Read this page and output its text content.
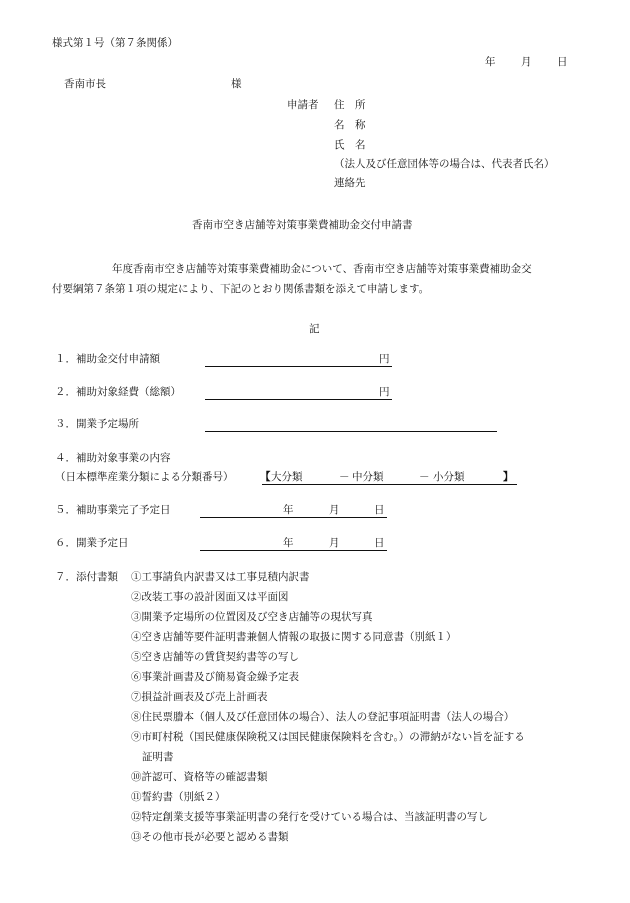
様式第１号（第７条関係）
年 月 日
香南市長	様
申請者 住　所
名　称
氏　名
（法人及び任意団体等の場合は、代表者氏名）
連絡先
香南市空き店舗等対策事業費補助金交付申請書
年度香南市空き店舗等対策事業費補助金について、香南市空き店舗等対策事業費補助金交
付要綱第７条第１項の規定により、下記のとおり関係書類を添えて申請します。
記
１．補助金交付申請額	円
２．補助対象経費（総額）	円
３．開業予定場所
４．補助対象事業の内容
（日本標準産業分類による分類番号）	【 大分類	－ 中分類	－ 小分類	】
５．補助事業完了予定日	年	月	日
６．開業予定日	年	月	日
７．添付書類 ①工事請負内訳書又は工事見積内訳書
②改装工事の設計図面又は平面図
③開業予定場所の位置図及び空き店舗等の現状写真
④空き店舗等要件証明書兼個人情報の取扱に関する同意書（別紙１）
⑤空き店舗等の賃貸契約書等の写し
⑥事業計画書及び簡易資金繰予定表
⑦損益計画表及び売上計画表
⑧住民票謄本（個人及び任意団体の場合）、法人の登記事項証明書（法人の場合）
⑨市町村税（国民健康保険税又は国民健康保険料を含む。）の滞納がない旨を証する
証明書
⑩許認可、資格等の確認書類
⑪誓約書（別紙２）
⑫特定創業支援等事業証明書の発行を受けている場合は、当該証明書の写し
⑬その他市長が必要と認める書類
